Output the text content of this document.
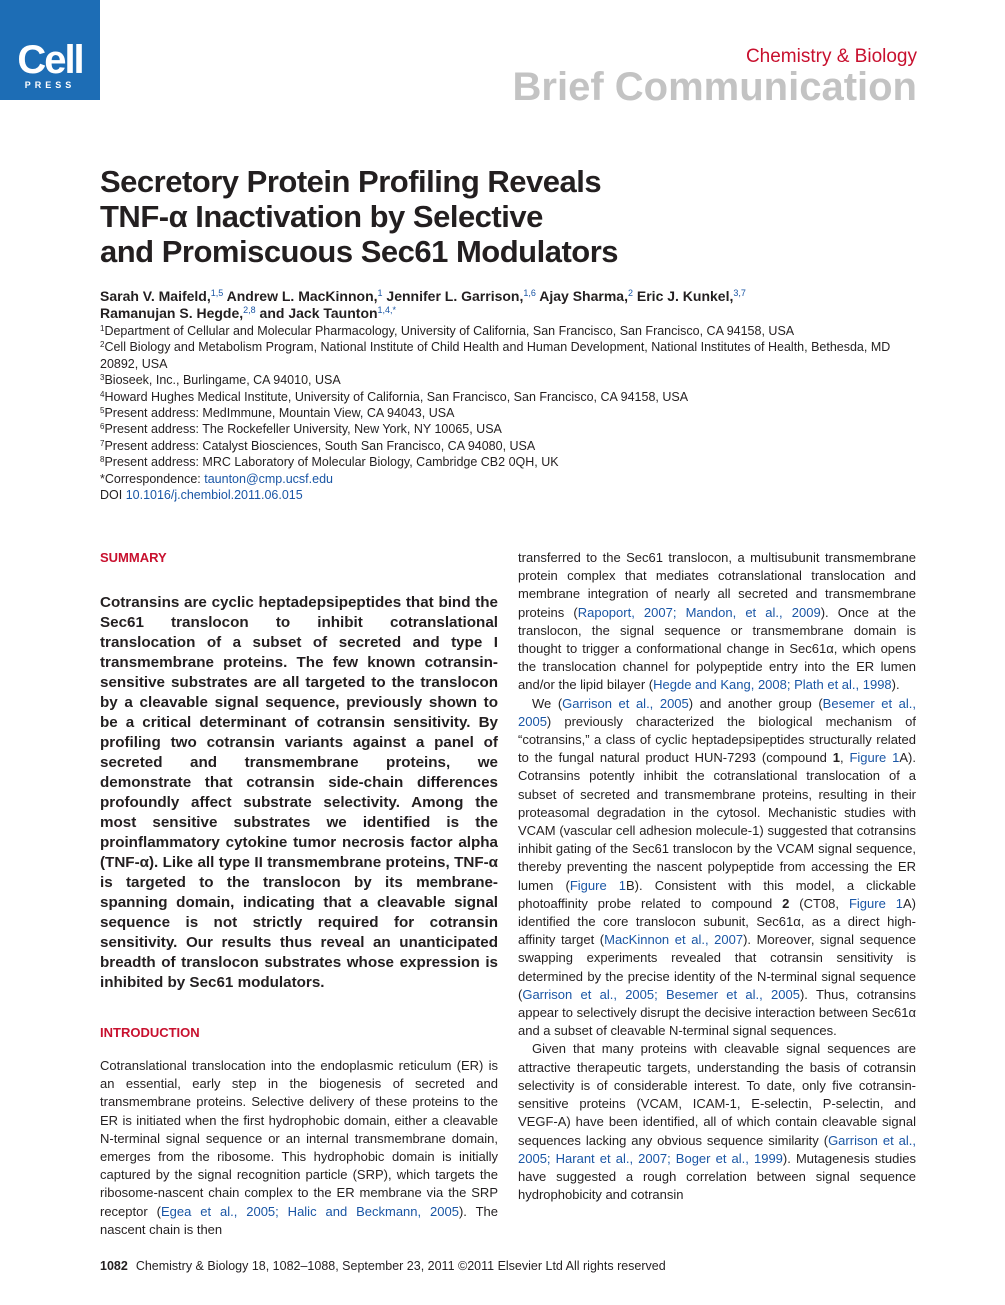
Cell
PRESS
Chemistry & Biology
Brief Communication
Secretory Protein Profiling Reveals
TNF-α Inactivation by Selective
and Promiscuous Sec61 Modulators
Sarah V. Maifeld,$^{1,5}$ Andrew L. MacKinnon,$^1$ Jennifer L. Garrison,$^{1,6}$ Ajay Sharma,$^2$ Eric J. Kunkel,$^{3,7}$
Ramanujan S. Hegde,$^{2,8}$ and Jack Taunton$^{1,4,*}$

$^1$Department of Cellular and Molecular Pharmacology, University of California, San Francisco, San Francisco, CA 94158, USA

$^2$Cell Biology and Metabolism Program, National Institute of Child Health and Human Development, National Institutes of Health, Bethesda, MD 20892, USA

$^3$Bioseek, Inc., Burlingame, CA 94010, USA

$^4$Howard Hughes Medical Institute, University of California, San Francisco, San Francisco, CA 94158, USA

$^5$Present address: MedImmune, Mountain View, CA 94043, USA

$^6$Present address: The Rockefeller University, New York, NY 10065, USA

$^7$Present address: Catalyst Biosciences, South San Francisco, CA 94080, USA

$^8$Present address: MRC Laboratory of Molecular Biology, Cambridge CB2 0QH, UK

*Correspondence: taunton@cmp.ucsf.edu

DOI 10.1016/j.chembiol.2011.06.015

SUMMARY

Cotransins are cyclic heptadepsipeptides that bind the Sec61 translocon to inhibit cotranslational translocation of a subset of secreted and type I transmembrane proteins. The few known cotransin-sensitive substrates are all targeted to the translocon by a cleavable signal sequence, previously shown to be a critical determinant of cotransin sensitivity. By profiling two cotransin variants against a panel of secreted and transmembrane proteins, we demonstrate that cotransin side-chain differences profoundly affect substrate selectivity. Among the most sensitive substrates we identified is the proinflammatory cytokine tumor necrosis factor alpha (TNF-α). Like all type II transmembrane proteins, TNF-α is targeted to the translocon by its membrane-spanning domain, indicating that a cleavable signal sequence is not strictly required for cotransin sensitivity. Our results thus reveal an unanticipated breadth of translocon substrates whose expression is inhibited by Sec61 modulators.

INTRODUCTION

Cotranslational translocation into the endoplasmic reticulum (ER) is an essential, early step in the biogenesis of secreted and transmembrane proteins. Selective delivery of these proteins to the ER is initiated when the first hydrophobic domain, either a cleavable N-terminal signal sequence or an internal transmembrane domain, emerges from the ribosome. This hydrophobic domain is initially captured by the signal recognition particle (SRP), which targets the ribosome-nascent chain complex to the ER membrane via the SRP receptor (Egea et al., 2005; Halic and Beckmann, 2005). The nascent chain is then

transferred to the Sec61 translocon, a multisubunit transmembrane protein complex that mediates cotranslational translocation and membrane integration of nearly all secreted and transmembrane proteins (Rapoport, 2007; Mandon, et al., 2009). Once at the translocon, the signal sequence or transmembrane domain is thought to trigger a conformational change in Sec61α, which opens the translocation channel for polypeptide entry into the ER lumen and/or the lipid bilayer (Hegde and Kang, 2008; Plath et al., 1998).

We (Garrison et al., 2005) and another group (Besemer et al., 2005) previously characterized the biological mechanism of “cotransins,” a class of cyclic heptadepsipeptides structurally related to the fungal natural product HUN-7293 (compound 1, Figure 1A). Cotransins potently inhibit the cotranslational translocation of a subset of secreted and transmembrane proteins, resulting in their proteasomal degradation in the cytosol. Mechanistic studies with VCAM (vascular cell adhesion molecule-1) suggested that cotransins inhibit gating of the Sec61 translocon by the VCAM signal sequence, thereby preventing the nascent polypeptide from accessing the ER lumen (Figure 1B). Consistent with this model, a clickable photoaffinity probe related to compound 2 (CT08, Figure 1A) identified the core translocon subunit, Sec61α, as a direct high-affinity target (MacKinnon et al., 2007). Moreover, signal sequence swapping experiments revealed that cotransin sensitivity is determined by the precise identity of the N-terminal signal sequence (Garrison et al., 2005; Besemer et al., 2005). Thus, cotransins appear to selectively disrupt the decisive interaction between Sec61α and a subset of cleavable N-terminal signal sequences.

Given that many proteins with cleavable signal sequences are attractive therapeutic targets, understanding the basis of cotransin selectivity is of considerable interest. To date, only five cotransin-sensitive proteins (VCAM, ICAM-1, E-selectin, P-selectin, and VEGF-A) have been identified, all of which contain cleavable signal sequences lacking any obvious sequence similarity (Garrison et al., 2005; Harant et al., 2007; Boger et al., 1999). Mutagenesis studies have suggested a rough correlation between signal sequence hydrophobicity and cotransin

1082 Chemistry & Biology 18, 1082–1088, September 23, 2011 ©2011 Elsevier Ltd All rights reserved
